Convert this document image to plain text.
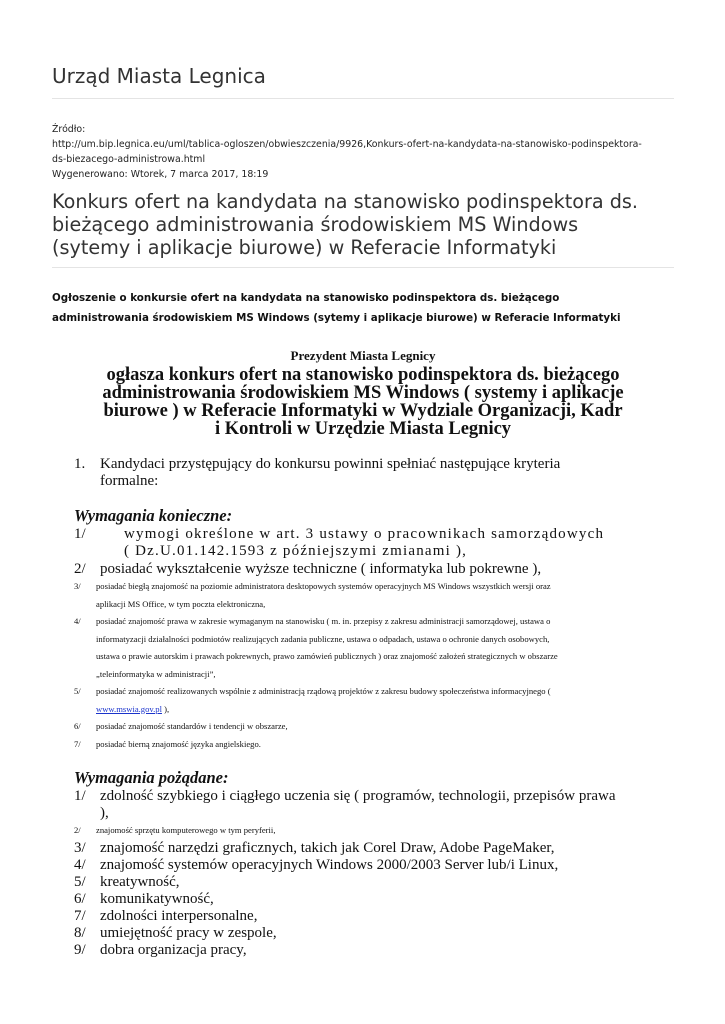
Urząd Miasta Legnica
Źródło:
http://um.bip.legnica.eu/uml/tablica-ogloszen/obwieszczenia/9926,Konkurs-ofert-na-kandydata-na-stanowisko-podinspektora-
ds-biezacego-administrowa.html
Wygenerowano: Wtorek, 7 marca 2017, 18:19
Konkurs ofert na kandydata na stanowisko podinspektora ds.
bieżącego administrowania środowiskiem MS Windows
(sytemy i aplikacje biurowe) w Referacie Informatyki
Ogłoszenie o konkursie ofert na kandydata na stanowisko podinspektora ds. bieżącego
administrowania środowiskiem MS Windows (sytemy i aplikacje biurowe) w Referacie Informatyki
Prezydent Miasta Legnicy
ogłasza konkurs ofert na stanowisko podinspektora ds. bieżącego
administrowania środowiskiem MS Windows ( systemy i aplikacje
biurowe ) w Referacie Informatyki w Wydziale Organizacji, Kadr
i Kontroli w Urzędzie Miasta Legnicy
1. Kandydaci przystępujący do konkursu powinni spełniać następujące kryteria
formalne:
Wymagania konieczne:
1/	wymogi określone w art. 3 ustawy o pracownikach samorządowych
( Dz.U.01.142.1593 z późniejszymi zmianami ),
2/ posiadać wykształcenie wyższe techniczne ( informatyka lub pokrewne ),
3/ posiadać biegłą znajomość na poziomie administratora desktopowych systemów operacyjnych MS Windows wszystkich wersji oraz
aplikacji MS Office, w tym poczta elektroniczna,
4/ posiadać znajomość prawa w zakresie wymaganym na stanowisku ( m. in. przepisy z zakresu administracji samorządowej, ustawa o
informatyzacji działalności podmiotów realizujących zadania publiczne, ustawa o odpadach, ustawa o ochronie danych osobowych,
ustawa o prawie autorskim i prawach pokrewnych, prawo zamówień publicznych ) oraz znajomość założeń strategicznych w obszarze
„teleinformatyka w administracji”,
5/ posiadać znajomość realizowanych wspólnie z administracją rządową projektów z zakresu budowy społeczeństwa informacyjnego (
www.mswia.gov.pl ),
6/ posiadać znajomość standardów i tendencji w obszarze,
7/ posiadać bierną znajomość języka angielskiego.
Wymagania pożądane:
1/ zdolność szybkiego i ciągłego uczenia się ( programów, technologii, przepisów prawa
),
2/ znajomość sprzętu komputerowego w tym peryferii,
3/ znajomość narzędzi graficznych, takich jak Corel Draw, Adobe PageMaker,
4/ znajomość systemów operacyjnych Windows 2000/2003 Server lub/i Linux,
5/ kreatywność,
6/ komunikatywność,
7/ zdolności interpersonalne,
8/ umiejętność pracy w zespole,
9/ dobra organizacja pracy,
